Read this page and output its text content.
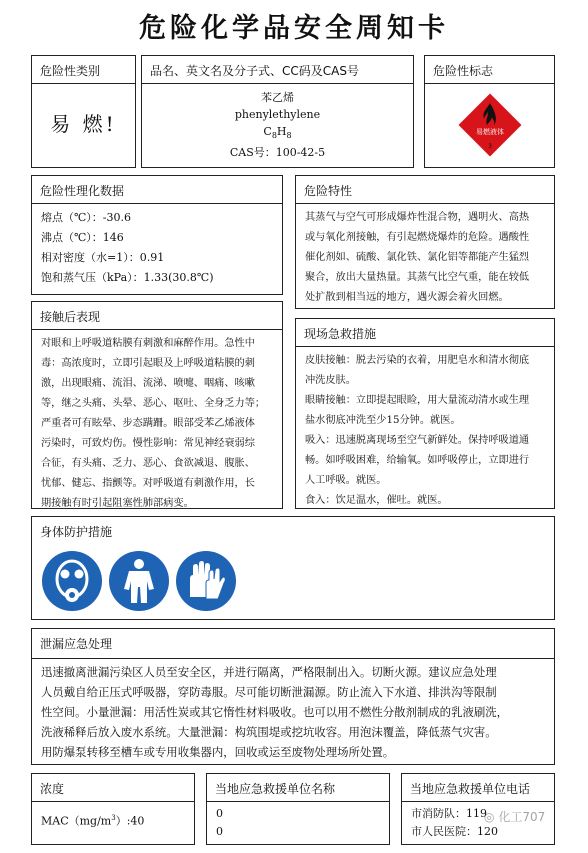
危险化学品安全周知卡
危险性类别
易 燃!
品名、英文名及分子式、CC码及CAS号
苯乙烯
phenylethylene
$C_8H_8$
CAS号：100-42-5
危险性标志
易燃液体
3
危险性理化数据
熔点（℃）：-30.6
沸点（℃）：146
相对密度（水=1）：0.91
饱和蒸气压（kPa）：1.33(30.8℃)
危险特性
其蒸气与空气可形成爆炸性混合物，遇明火、高热
或与氧化剂接触，有引起燃烧爆炸的危险。遇酸性
催化剂如、硫酸、氯化铁、氯化铝等都能产生猛烈
聚合，放出大量热量。其蒸气比空气重，能在较低
处扩散到相当远的地方，遇火源会着火回燃。
接触后表现
对眼和上呼吸道粘膜有刺激和麻醉作用。急性中
毒：高浓度时，立即引起眼及上呼吸道粘膜的刺
激，出现眼痛、流泪、流涕、喷嚏、咽痛、咳嗽
等，继之头痛、头晕、恶心、呕吐、全身乏力等；
严重者可有眩晕、步态蹒跚。眼部受苯乙烯液体
污染时，可致灼伤。慢性影响：常见神经衰弱综
合征，有头痛、乏力、恶心、食欲减退、腹胀、
忧郁、健忘、指颤等。对呼吸道有刺激作用，长
期接触有时引起阻塞性肺部病变。
现场急救措施
皮肤接触：脱去污染的衣着，用肥皂水和清水彻底
冲洗皮肤。
眼睛接触：立即提起眼睑，用大量流动清水或生理
盐水彻底冲洗至少15分钟。就医。
吸入：迅速脱离现场至空气新鲜处。保持呼吸道通
畅。如呼吸困难，给输氧。如呼吸停止，立即进行
人工呼吸。就医。
食入：饮足温水，催吐。就医。
身体防护措施
泄漏应急处理
迅速撤离泄漏污染区人员至安全区，并进行隔离，严格限制出入。切断火源。建议应急处理
人员戴自给正压式呼吸器，穿防毒服。尽可能切断泄漏源。防止流入下水道、排洪沟等限制
性空间。小量泄漏：用活性炭或其它惰性材料吸收。也可以用不燃性分散剂制成的乳液刷洗，
洗液稀释后放入废水系统。大量泄漏：构筑围堤或挖坑收容。用泡沫覆盖，降低蒸气灾害。
用防爆泵转移至槽车或专用收集器内，回收或运至废物处理场所处置。
浓度
$MAC(mg/m^3):40$
当地应急救援单位名称
0
0
当地应急救援单位电话
市消防队：119
市人民医院：120
◎ 化工707
